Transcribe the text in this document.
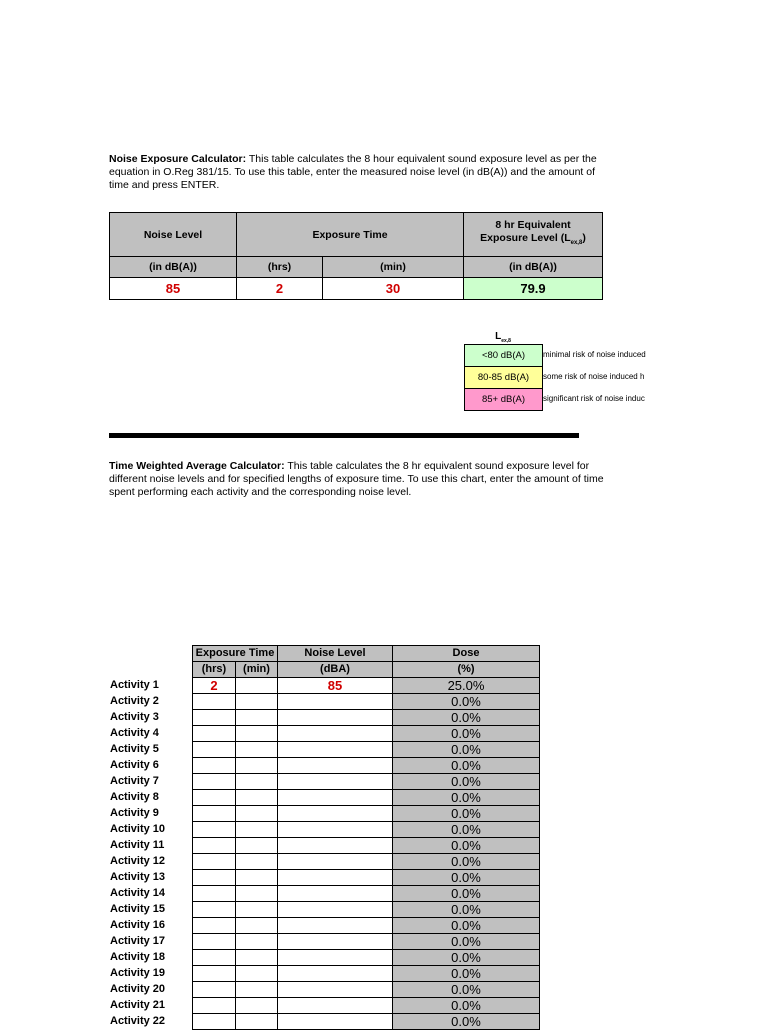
Noise Exposure Calculator: This table calculates the 8 hour equivalent sound exposure level as per the equation in O.Reg 381/15. To use this table, enter the measured noise level (in dB(A)) and the amount of time and press ENTER.
Noise Level	Exposure Time		8 hr Equivalent
Exposure Level $(L_{ex,8})$
(in dB(A))	(hrs)	(min)	(in dB(A))
85	2	30	79.9
$L_{ex,8}$
<80 dB(A)	minimal risk of noise induced
80-85 dB(A)	some risk of noise induced h
85+ dB(A)	significant risk of noise induc
Time Weighted Average Calculator: This table calculates the 8 hr equivalent sound exposure level for different noise levels and for specified lengths of exposure time. To use this chart, enter the amount of time spent performing each activity and the corresponding noise level.
	Exposure Time		Noise Level	Dose
	(hrs)	(min)	(dBA)	(%)
Activity 1	2		85	25.0%
Activity 2				0.0%
Activity 3				0.0%
Activity 4				0.0%
Activity 5				0.0%
Activity 6				0.0%
Activity 7				0.0%
Activity 8				0.0%
Activity 9				0.0%
Activity 10				0.0%
Activity 11				0.0%
Activity 12				0.0%
Activity 13				0.0%
Activity 14				0.0%
Activity 15				0.0%
Activity 16				0.0%
Activity 17				0.0%
Activity 18				0.0%
Activity 19				0.0%
Activity 20				0.0%
Activity 21				0.0%
Activity 22				0.0%
